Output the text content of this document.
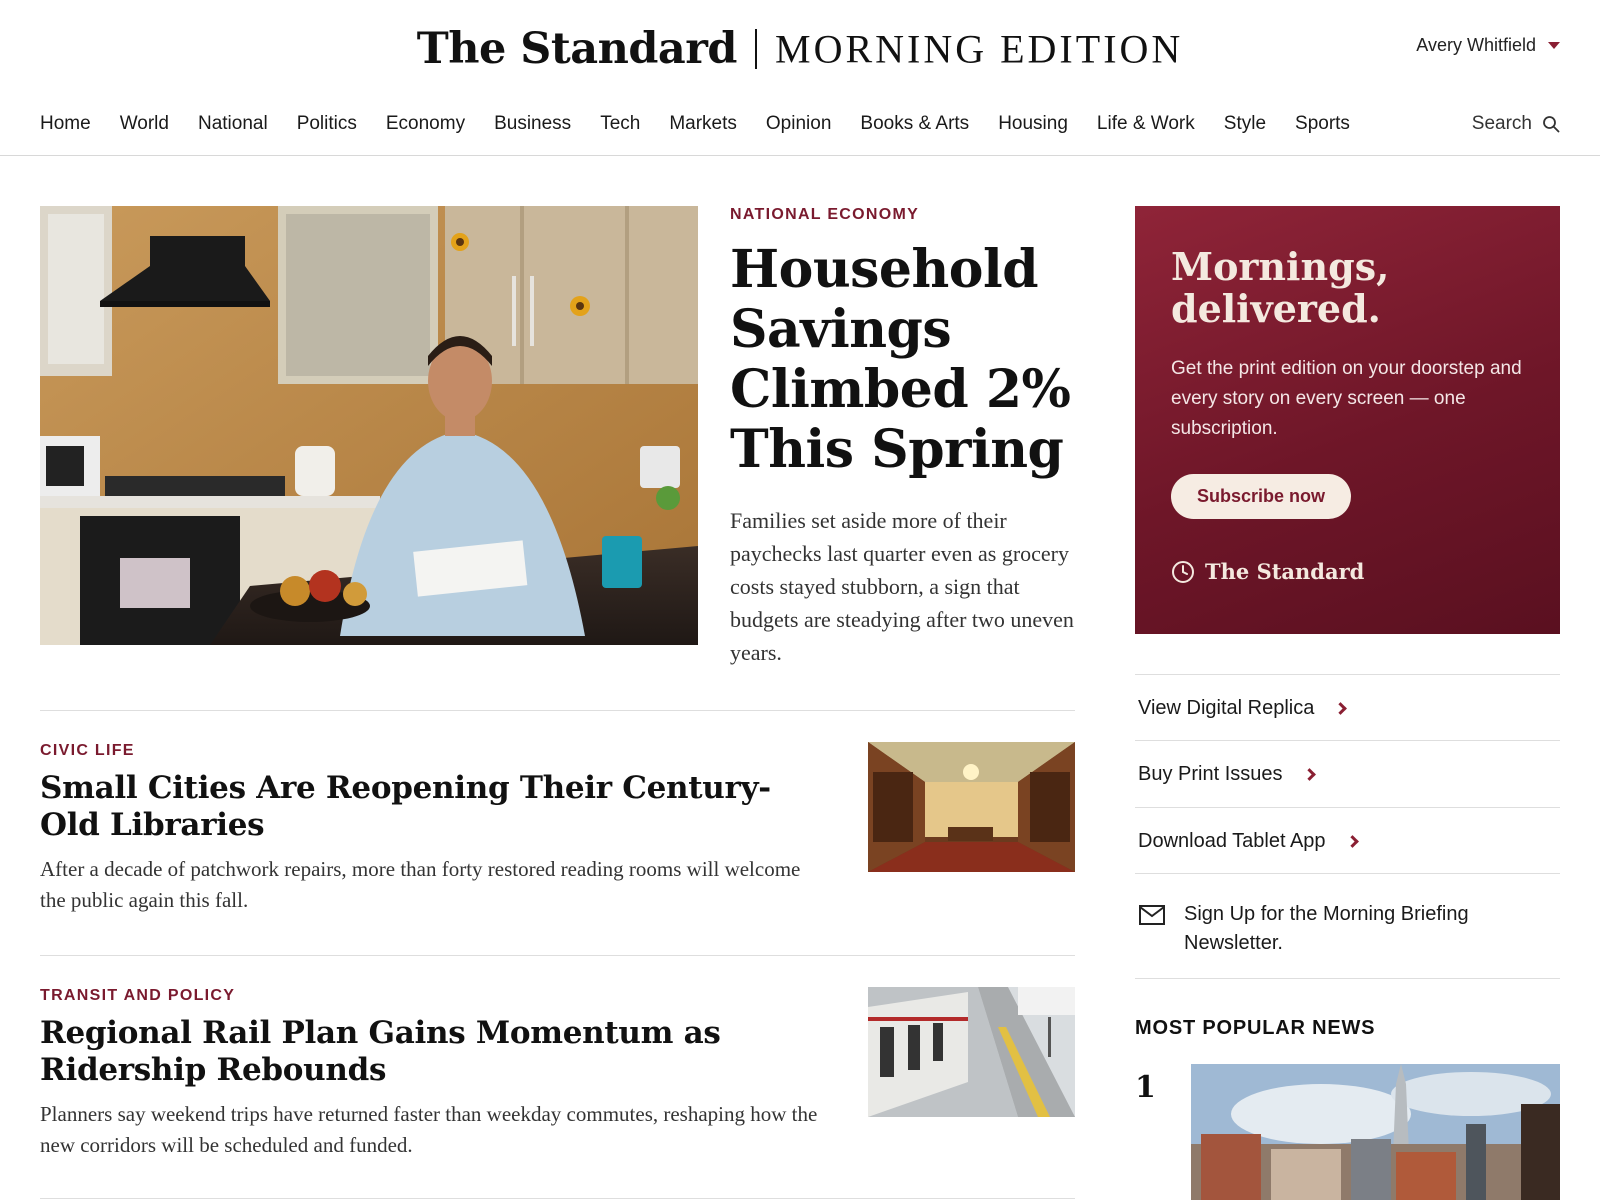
The Standard MORNING EDITION	Avery Whitfield
Home World National Politics Economy Business Tech Markets Opinion Books & Arts Housing Life & Work Style Sports	Search
NATIONAL ECONOMY
Household Savings Climbed 2% This Spring

Families set aside more of their paychecks last quarter even as grocery costs stayed stubborn, a sign that budgets are steadying after two uneven years.

CIVIC LIFE
Small Cities Are Reopening Their Century-Old Libraries

After a decade of patchwork repairs, more than forty restored reading rooms will welcome the public again this fall.

TRANSIT AND POLICY
Regional Rail Plan Gains Momentum as Ridership Rebounds

Planners say weekend trips have returned faster than weekday commutes, reshaping how the new corridors will be scheduled and funded.

Mornings, delivered.

Get the print edition on your doorstep and every story on every screen — one subscription.

Subscribe now
The Standard
View Digital Replica
Buy Print Issues
Download Tablet App
Sign Up for the Morning Briefing Newsletter.
MOST POPULAR NEWS
1
